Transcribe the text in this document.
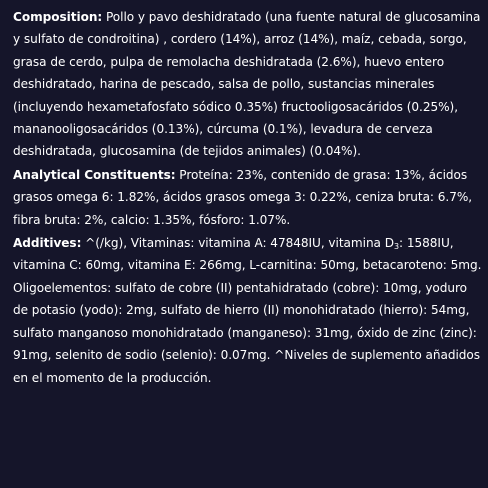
Composition: Pollo y pavo deshidratado (una fuente natural de glucosamina y sulfato de condroitina) , cordero (14%), arroz (14%), maíz, cebada, sorgo, grasa de cerdo, pulpa de remolacha deshidratada (2.6%), huevo entero deshidratado, harina de pescado, salsa de pollo, sustancias minerales (incluyendo hexametafosfato sódico 0.35%) fructooligosacáridos (0.25%), mananooligosacáridos (0.13%), cúrcuma (0.1%), levadura de cerveza deshidratada, glucosamina (de tejidos animales) (0.04%).

Analytical Constituents: Proteína: 23%, contenido de grasa: 13%, ácidos grasos omega 6: 1.82%, ácidos grasos omega 3: 0.22%, ceniza bruta: 6.7%, fibra bruta: 2%, calcio: 1.35%, fósforo: 1.07%.

Additives: ^(/kg), Vitaminas: vitamina A: 47848IU, vitamina $D_3$: 1588IU, vitamina C: 60mg, vitamina E: 266mg, L-carnitina: 50mg, betacaroteno: 5mg. Oligoelementos: sulfato de cobre (II) pentahidratado (cobre): 10mg, yoduro de potasio (yodo): 2mg, sulfato de hierro (II) monohidratado (hierro): 54mg, sulfato manganoso monohidratado (manganeso): 31mg, óxido de zinc (zinc): 91mg, selenito de sodio (selenio): 0.07mg. ^Niveles de suplemento añadidos en el momento de la producción.
